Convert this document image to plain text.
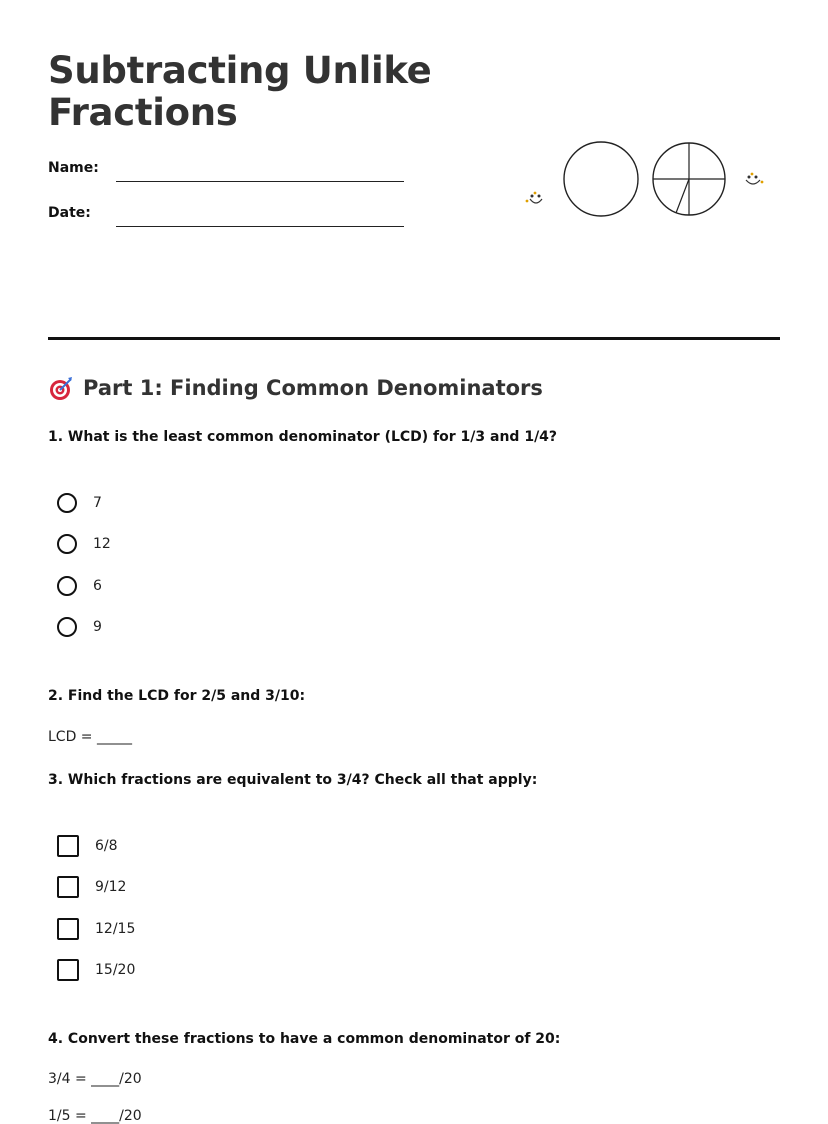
Subtracting Unlike Fractions
Name:
Date:
Part 1: Finding Common Denominators

1. What is the least common denominator (LCD) for 1/3 and 1/4?

7
12
6
9

2. Find the LCD for 2/5 and 3/10:

LCD = _____

3. Which fractions are equivalent to 3/4? Check all that apply:

6/8
9/12
12/15
15/20

4. Convert these fractions to have a common denominator of 20:

3/4 = ____/20
1/5 = ____/20
